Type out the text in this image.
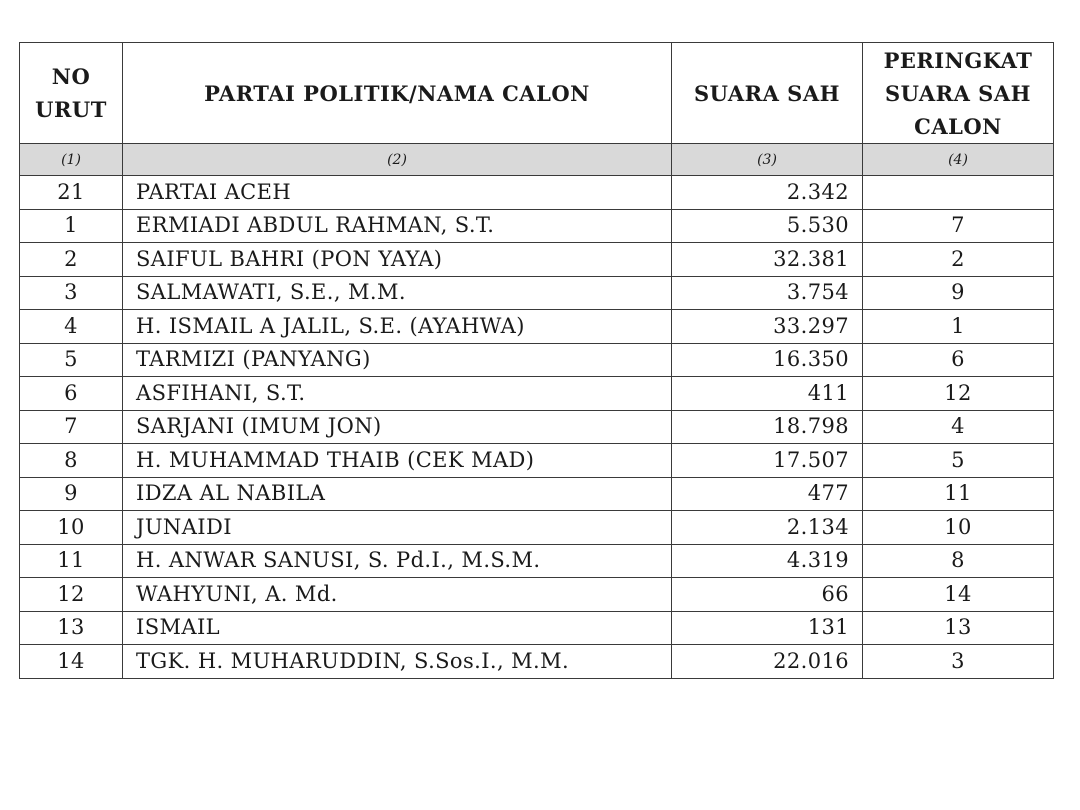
NO
URUT	PARTAI POLITIK/NAMA CALON	SUARA SAH	PERINGKAT
SUARA SAH
CALON

(1)	(2)	(3)	(4)
21	PARTAI ACEH	2.342	
1	ERMIADI ABDUL RAHMAN, S.T.	5.530	7
2	SAIFUL BAHRI (PON YAYA)	32.381	2
3	SALMAWATI, S.E., M.M.	3.754	9
4	H. ISMAIL A JALIL, S.E. (AYAHWA)	33.297	1
5	TARMIZI (PANYANG)	16.350	6
6	ASFIHANI, S.T.	411	12
7	SARJANI (IMUM JON)	18.798	4
8	H. MUHAMMAD THAIB (CEK MAD)	17.507	5
9	IDZA AL NABILA	477	11
10	JUNAIDI	2.134	10
11	H. ANWAR SANUSI, S. Pd.I., M.S.M.	4.319	8
12	WAHYUNI, A. Md.	66	14
13	ISMAIL	131	13
14	TGK. H. MUHARUDDIN, S.Sos.I., M.M.	22.016	3
